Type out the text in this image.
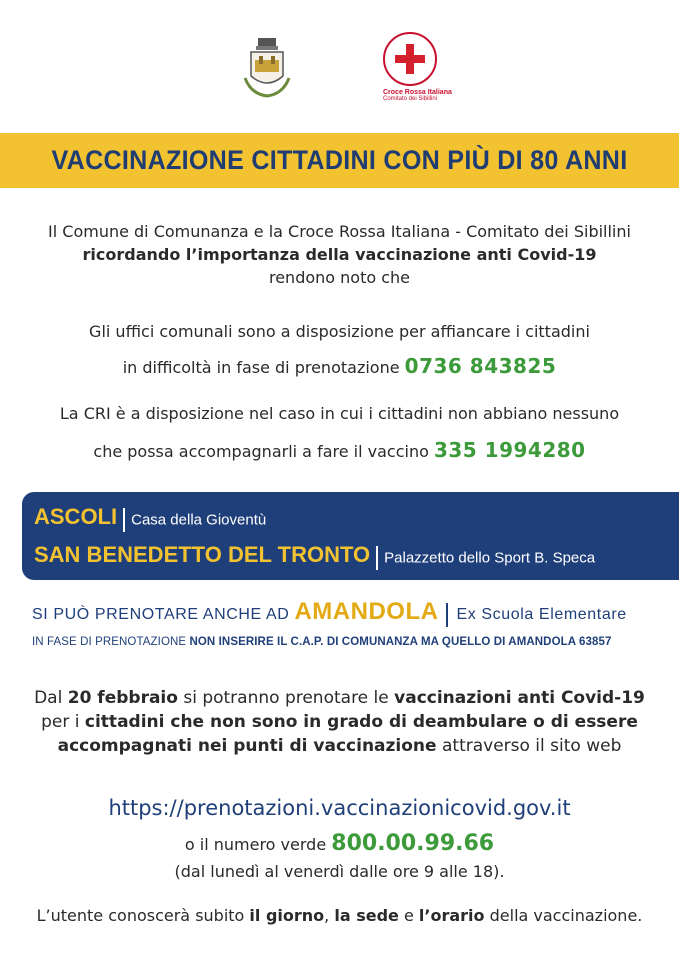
Croce Rossa Italiana
Comitato dei Sibillini
VACCINAZIONE CITTADINI CON PIÙ DI 80 ANNI
Il Comune di Comunanza e la Croce Rossa Italiana - Comitato dei Sibillini
ricordando l’importanza della vaccinazione anti Covid-19
rendono noto che
Gli uffici comunali sono a disposizione per affiancare i cittadini
in difficoltà in fase di prenotazione 0736 843825
La CRI è a disposizione nel caso in cui i cittadini non abbiano nessuno
che possa accompagnarli a fare il vaccino 335 1994280
ASCOLI Casa della Gioventù
SAN BENEDETTO DEL TRONTO Palazzetto dello Sport B. Speca
SI PUÒ PRENOTARE ANCHE AD AMANDOLA Ex Scuola Elementare
IN FASE DI PRENOTAZIONE NON INSERIRE IL C.A.P. DI COMUNANZA MA QUELLO DI AMANDOLA 63857
Dal 20 febbraio si potranno prenotare le vaccinazioni anti Covid-19
per i cittadini che non sono in grado di deambulare o di essere
accompagnati nei punti di vaccinazione attraverso il sito web
https://prenotazioni.vaccinazionicovid.gov.it
o il numero verde 800.00.99.66
(dal lunedì al venerdì dalle ore 9 alle 18).
L’utente conoscerà subito il giorno, la sede e l’orario della vaccinazione.
